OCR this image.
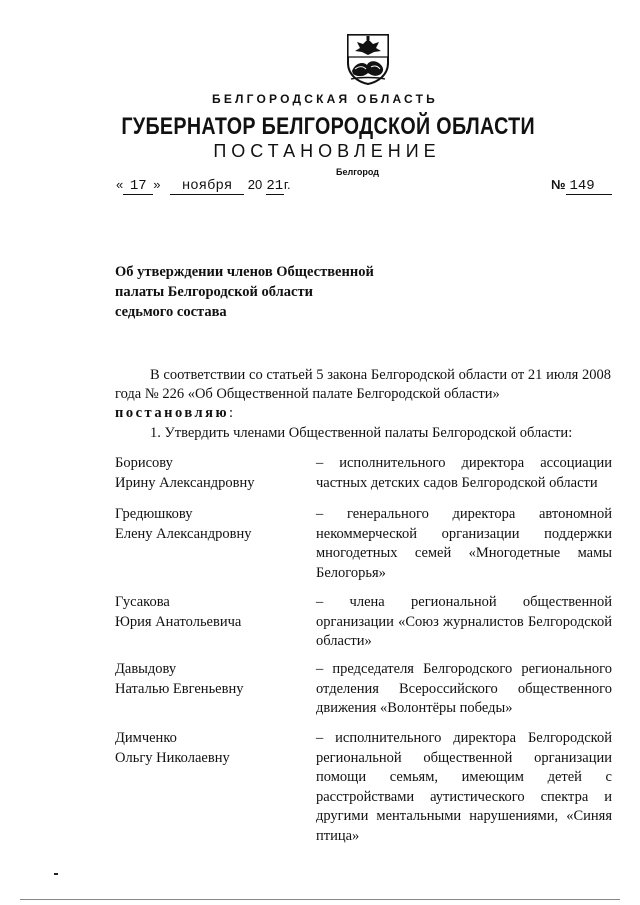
БЕЛГОРОДСКАЯ ОБЛАСТЬ
ГУБЕРНАТОР БЕЛГОРОДСКОЙ ОБЛАСТИ
ПОСТАНОВЛЕНИЕ
Белгород
« 17 » ноября 20 21г.	№ 149
Об утверждении членов Общественной
палаты Белгородской области
седьмого состава

В соответствии со статьей 5 закона Белгородской области от 21 июля 2008 года № 226 «Об Общественной палате Белгородской области»

постановляю:

1. Утвердить членами Общественной палаты Белгородской области:
Борисову
Ирину Александровну
– исполнительного директора ассоциации частных детских садов Белгородской области
Гредюшкову
Елену Александровну
– генерального директора автономной некоммерческой организации поддержки многодетных семей «Многодетные мамы Белогорья»
Гусакова
Юрия Анатольевича
– члена региональной общественной организации «Союз журналистов Белгородской области»
Давыдову
Наталью Евгеньевну
– председателя Белгородского регионального отделения Всероссийского общественного движения «Волонтёры победы»
Димченко
Ольгу Николаевну
– исполнительного директора Белгородской региональной общественной организации помощи семьям, имеющим детей с расстройствами аутистического спектра и другими ментальными нарушениями, «Синяя птица»
